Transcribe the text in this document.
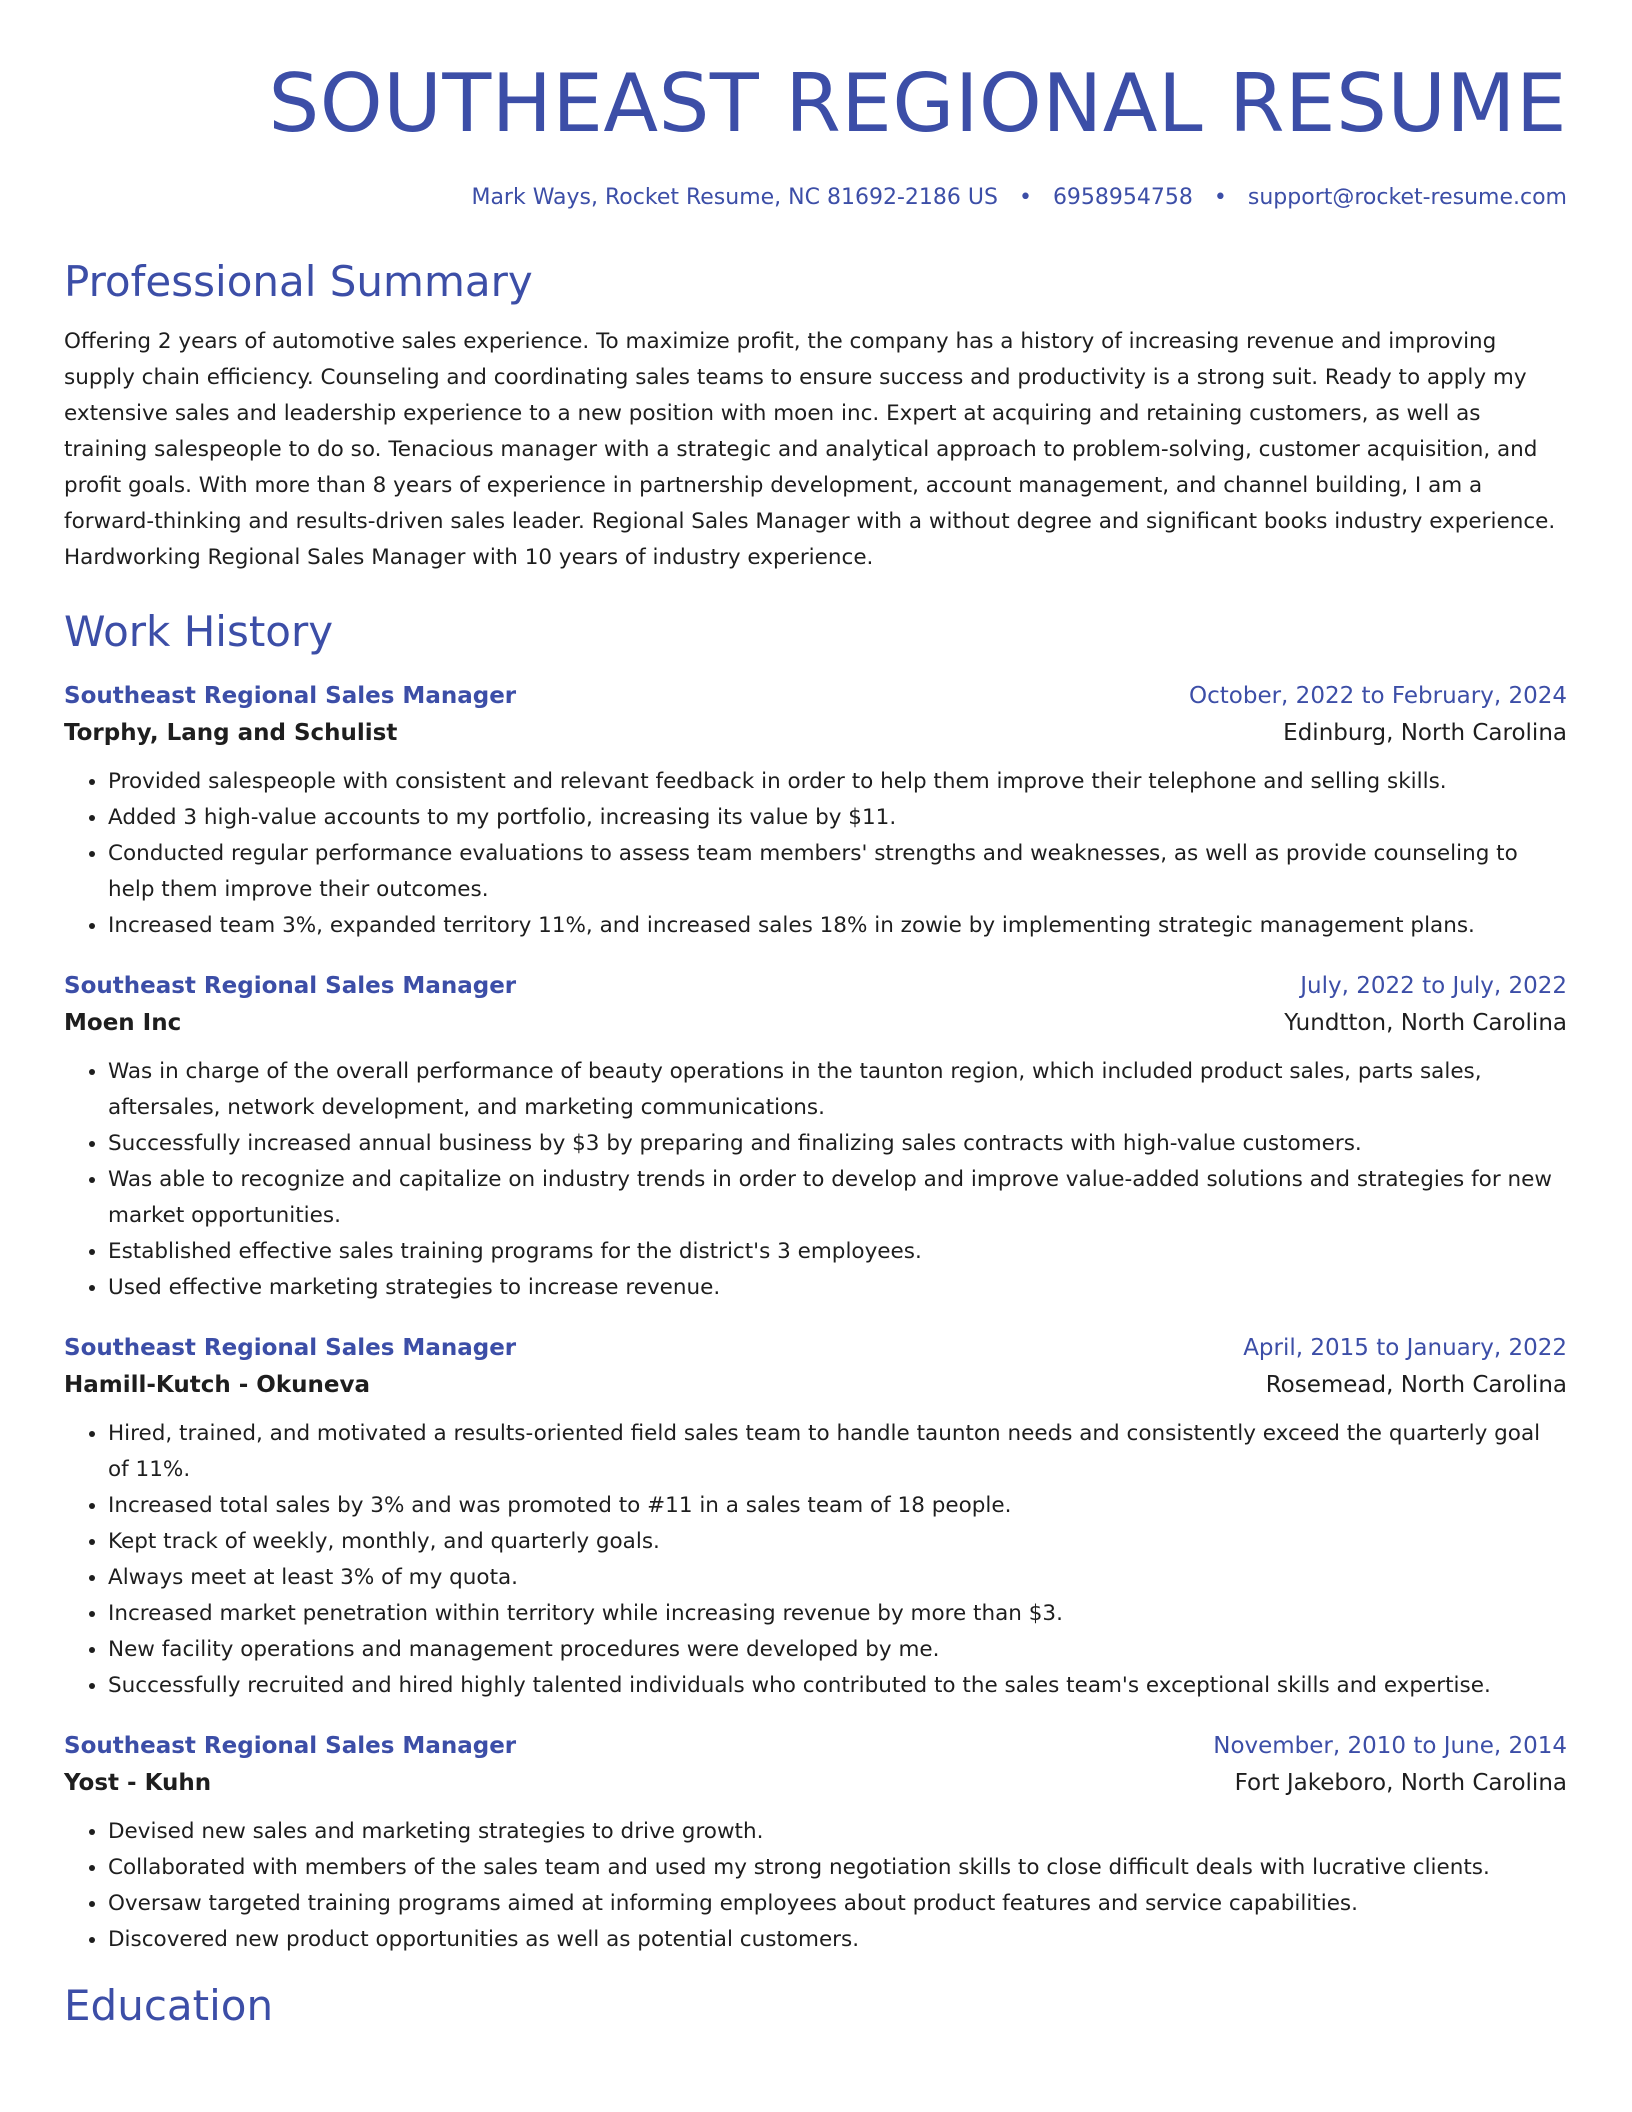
SOUTHEAST REGIONAL RESUME
Mark Ways, Rocket Resume, NC 81692-2186 US • 6958954758 • support@rocket-resume.com
Professional Summary

Offering 2 years of automotive sales experience. To maximize profit, the company has a history of increasing revenue and improving supply chain efficiency. Counseling and coordinating sales teams to ensure success and productivity is a strong suit. Ready to apply my extensive sales and leadership experience to a new position with moen inc. Expert at acquiring and retaining customers, as well as training salespeople to do so. Tenacious manager with a strategic and analytical approach to problem-solving, customer acquisition, and profit goals. With more than 8 years of experience in partnership development, account management, and channel building, I am a forward-thinking and results-driven sales leader. Regional Sales Manager with a without degree and significant books industry experience. Hardworking Regional Sales Manager with 10 years of industry experience.

Work History
Southeast Regional Sales Manager	October, 2022 to February, 2024
Torphy, Lang and Schulist	Edinburg, North Carolina
• Provided salespeople with consistent and relevant feedback in order to help them improve their telephone and selling skills.
• Added 3 high-value accounts to my portfolio, increasing its value by $11.
• Conducted regular performance evaluations to assess team members' strengths and weaknesses, as well as provide counseling to help them improve their outcomes.
• Increased team 3%, expanded territory 11%, and increased sales 18% in zowie by implementing strategic management plans.
Southeast Regional Sales Manager	July, 2022 to July, 2022
Moen Inc	Yundtton, North Carolina
• Was in charge of the overall performance of beauty operations in the taunton region, which included product sales, parts sales, aftersales, network development, and marketing communications.
• Successfully increased annual business by $3 by preparing and finalizing sales contracts with high-value customers.
• Was able to recognize and capitalize on industry trends in order to develop and improve value-added solutions and strategies for new market opportunities.
• Established effective sales training programs for the district's 3 employees.
• Used effective marketing strategies to increase revenue.
Southeast Regional Sales Manager	April, 2015 to January, 2022
Hamill-Kutch - Okuneva	Rosemead, North Carolina
• Hired, trained, and motivated a results-oriented field sales team to handle taunton needs and consistently exceed the quarterly goal of 11%.
• Increased total sales by 3% and was promoted to #11 in a sales team of 18 people.
• Kept track of weekly, monthly, and quarterly goals.
• Always meet at least 3% of my quota.
• Increased market penetration within territory while increasing revenue by more than $3.
• New facility operations and management procedures were developed by me.
• Successfully recruited and hired highly talented individuals who contributed to the sales team's exceptional skills and expertise.
Southeast Regional Sales Manager	November, 2010 to June, 2014
Yost - Kuhn	Fort Jakeboro, North Carolina
• Devised new sales and marketing strategies to drive growth.
• Collaborated with members of the sales team and used my strong negotiation skills to close difficult deals with lucrative clients.
• Oversaw targeted training programs aimed at informing employees about product features and service capabilities.
• Discovered new product opportunities as well as potential customers.
Education
